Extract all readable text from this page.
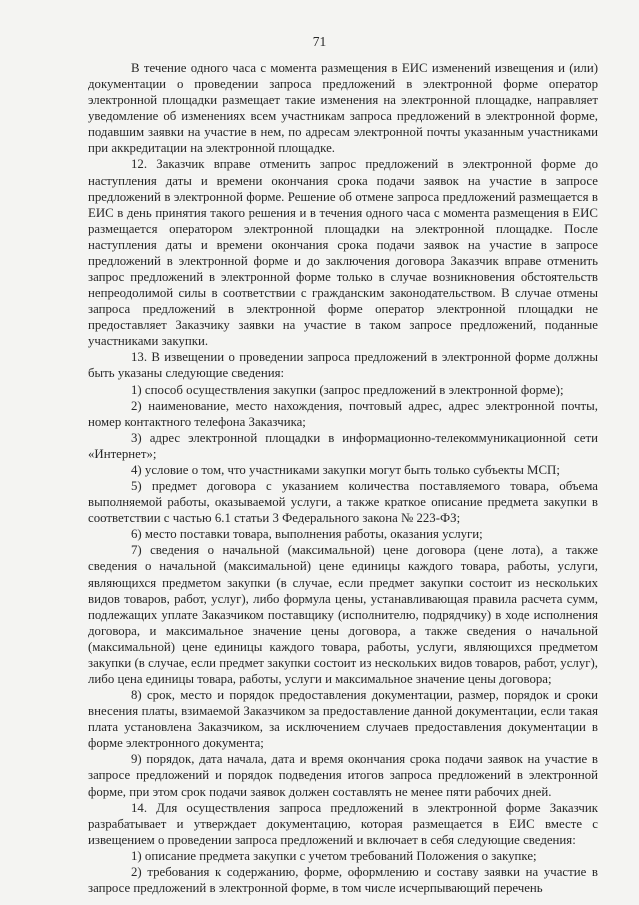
71

В течение одного часа с момента размещения в ЕИС изменений извещения и (или) документации о проведении запроса предложений в электронной форме оператор электронной площадки размещает такие изменения на электронной площадке, направляет уведомление об изменениях всем участникам запроса предложений в электронной форме, подавшим заявки на участие в нем, по адресам электронной почты указанным участниками при аккредитации на электронной площадке.

12. Заказчик вправе отменить запрос предложений в электронной форме до наступления даты и времени окончания срока подачи заявок на участие в запросе предложений в электронной форме. Решение об отмене запроса предложений размещается в ЕИС в день принятия такого решения и в течения одного часа с момента размещения в ЕИС размещается оператором электронной площадки на электронной площадке. После наступления даты и времени окончания срока подачи заявок на участие в запросе предложений в электронной форме и до заключения договора Заказчик вправе отменить запрос предложений в электронной форме только в случае возникновения обстоятельств непреодолимой силы в соответствии с гражданским законодательством. В случае отмены запроса предложений в электронной форме оператор электронной площадки не предоставляет Заказчику заявки на участие в таком запросе предложений, поданные участниками закупки.

13. В извещении о проведении запроса предложений в электронной форме должны быть указаны следующие сведения:

1) способ осуществления закупки (запрос предложений в электронной форме);

2) наименование, место нахождения, почтовый адрес, адрес электронной почты, номер контактного телефона Заказчика;

3) адрес электронной площадки в информационно-телекоммуникационной сети «Интернет»;

4) условие о том, что участниками закупки могут быть только субъекты МСП;

5) предмет договора с указанием количества поставляемого товара, объема выполняемой работы, оказываемой услуги, а также краткое описание предмета закупки в соответствии с частью 6.1 статьи 3 Федерального закона № 223-ФЗ;

6) место поставки товара, выполнения работы, оказания услуги;

7) сведения о начальной (максимальной) цене договора (цене лота), а также сведения о начальной (максимальной) цене единицы каждого товара, работы, услуги, являющихся предметом закупки (в случае, если предмет закупки состоит из нескольких видов товаров, работ, услуг), либо формула цены, устанавливающая правила расчета сумм, подлежащих уплате Заказчиком поставщику (исполнителю, подрядчику) в ходе исполнения договора, и максимальное значение цены договора, а также сведения о начальной (максимальной) цене единицы каждого товара, работы, услуги, являющихся предметом закупки (в случае, если предмет закупки состоит из нескольких видов товаров, работ, услуг), либо цена единицы товара, работы, услуги и максимальное значение цены договора;

8) срок, место и порядок предоставления документации, размер, порядок и сроки внесения платы, взимаемой Заказчиком за предоставление данной документации, если такая плата установлена Заказчиком, за исключением случаев предоставления документации в форме электронного документа;

9) порядок, дата начала, дата и время окончания срока подачи заявок на участие в запросе предложений и порядок подведения итогов запроса предложений в электронной форме, при этом срок подачи заявок должен составлять не менее пяти рабочих дней.

14. Для осуществления запроса предложений в электронной форме Заказчик разрабатывает и утверждает документацию, которая размещается в ЕИС вместе с извещением о проведении запроса предложений и включает в себя следующие сведения:

1) описание предмета закупки с учетом требований Положения о закупке;

2) требования к содержанию, форме, оформлению и составу заявки на участие в запросе предложений в электронной форме, в том числе исчерпывающий перечень
